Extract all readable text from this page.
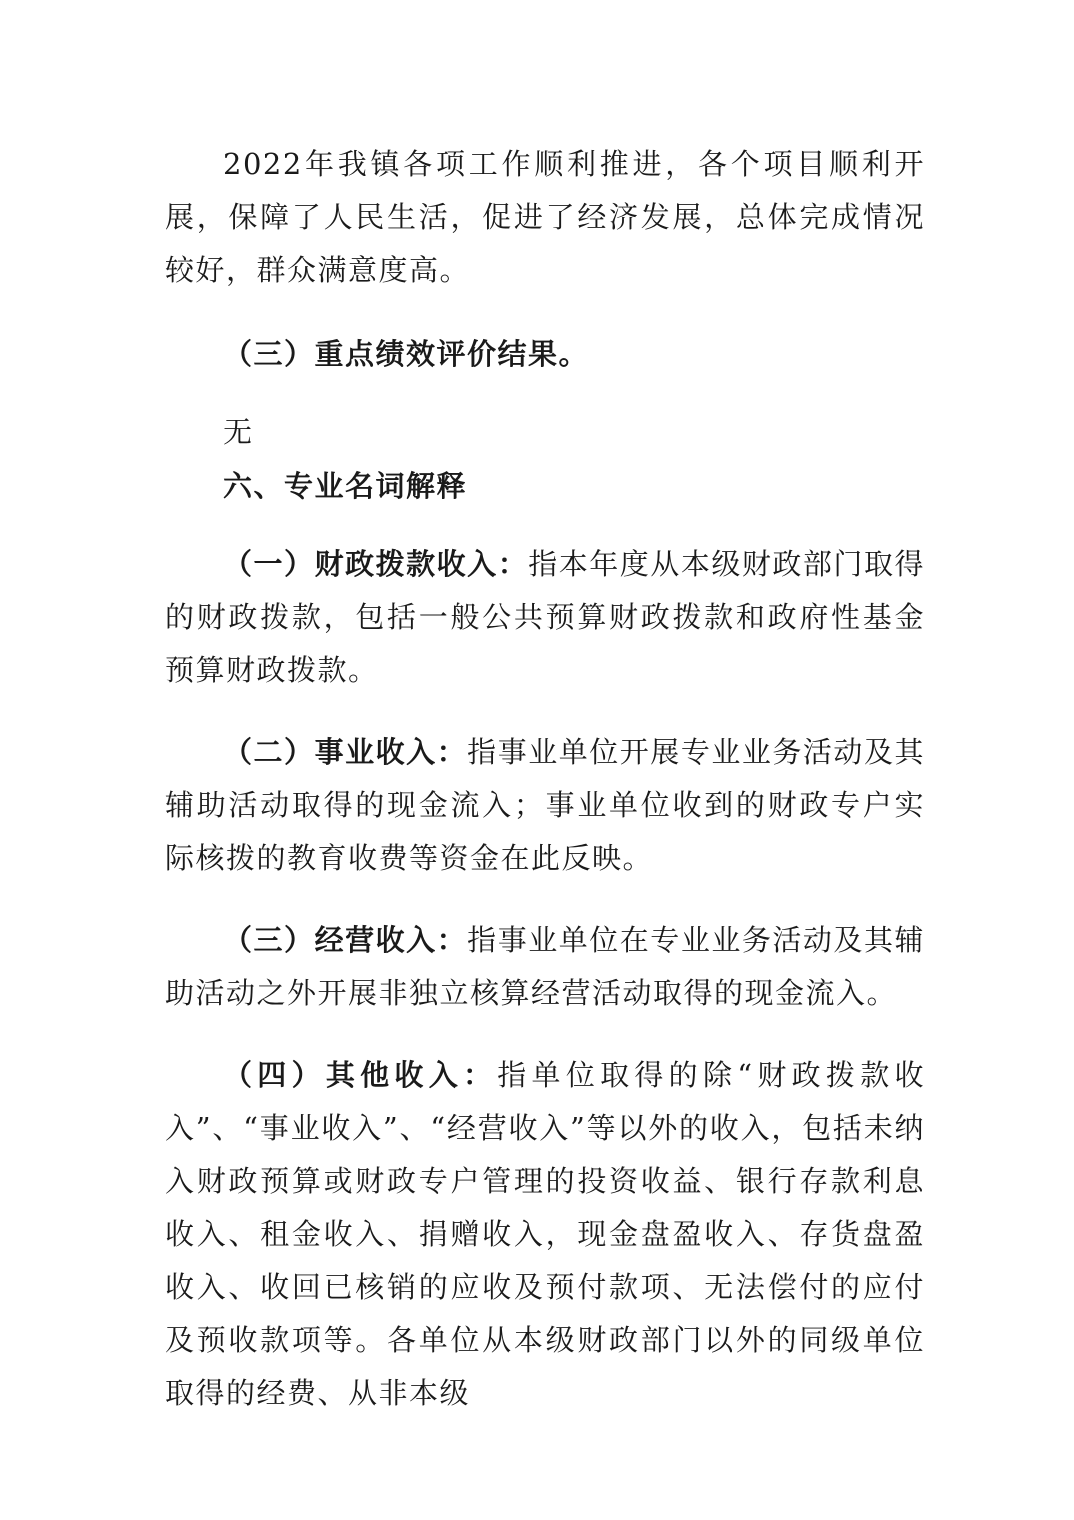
2022年我镇各项工作顺利推进，各个项目顺利开展，保障了人民生活，促进了经济发展，总体完成情况较好，群众满意度高。

（三）重点绩效评价结果。

无

六、专业名词解释

（一）财政拨款收入：指本年度从本级财政部门取得的财政拨款，包括一般公共预算财政拨款和政府性基金预算财政拨款。

（二）事业收入：指事业单位开展专业业务活动及其辅助活动取得的现金流入；事业单位收到的财政专户实际核拨的教育收费等资金在此反映。

（三）经营收入：指事业单位在专业业务活动及其辅助活动之外开展非独立核算经营活动取得的现金流入。

（四）其他收入：指单位取得的除“财政拨款收入”、“事业收入”、“经营收入”等以外的收入，包括未纳入财政预算或财政专户管理的投资收益、银行存款利息收入、租金收入、捐赠收入，现金盘盈收入、存货盘盈收入、收回已核销的应收及预付款项、无法偿付的应付及预收款项等。各单位从本级财政部门以外的同级单位取得的经费、从非本级
